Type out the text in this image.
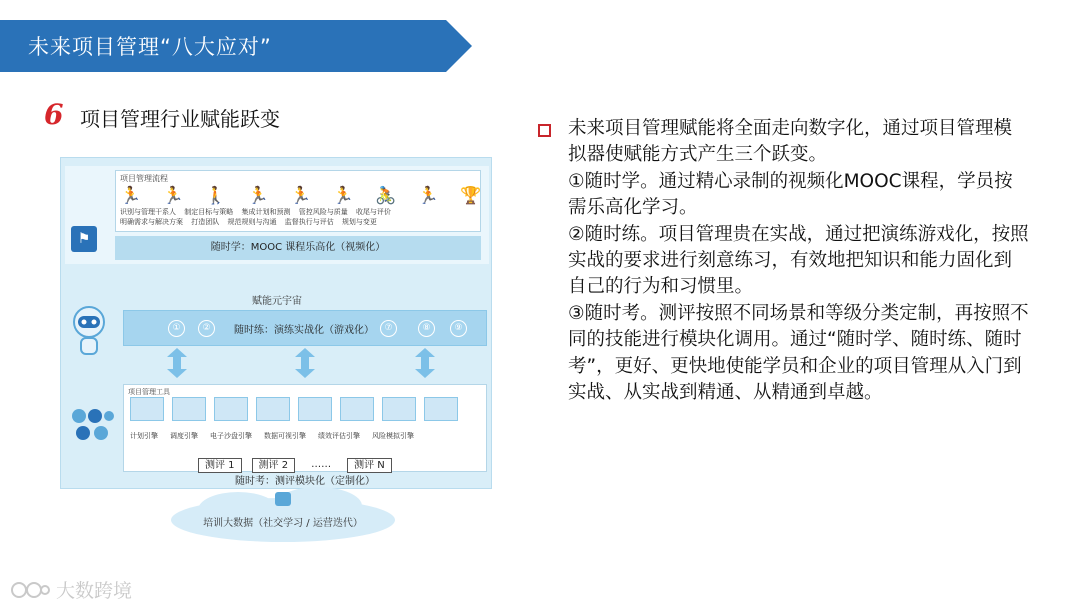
未来项目管理“八大应对”
6 项目管理行业赋能跃变
⚑
项目管理流程
🏃 🏃 🚶 🏃 🏃 🏃 🚴 🏃 🏆
识别与管理干系人 制定目标与策略 集成计划和预测 管控风险与质量 收尾与评价
明确需求与解决方案 打造团队 规范规则与沟通 监督执行与评估 规划与变更
随时学：MOOC 课程乐高化（视频化）
赋能元宇宙
①	②	随时练：演练实战化（游戏化）	⑦	⑧	⑨
项目管理工具
计划引擎 调度引擎 电子沙盘引擎 数据可视引擎 绩效评估引擎 风险模拟引擎
测评 1	测评 2	……	测评 N
随时考：测评模块化（定制化）
培训大数据（社交学习 / 运营迭代）

未来项目管理赋能将全面走向数字化，通过项目管理模拟器使赋能方式产生三个跃变。

①随时学。通过精心录制的视频化MOOC课程，学员按需乐高化学习。

②随时练。项目管理贵在实战，通过把演练游戏化，按照实战的要求进行刻意练习，有效地把知识和能力固化到自己的行为和习惯里。

③随时考。测评按照不同场景和等级分类定制，再按照不同的技能进行模块化调用。通过“随时学、随时练、随时考”，更好、更快地使能学员和企业的项目管理从入门到实战、从实战到精通、从精通到卓越。

大数跨境
